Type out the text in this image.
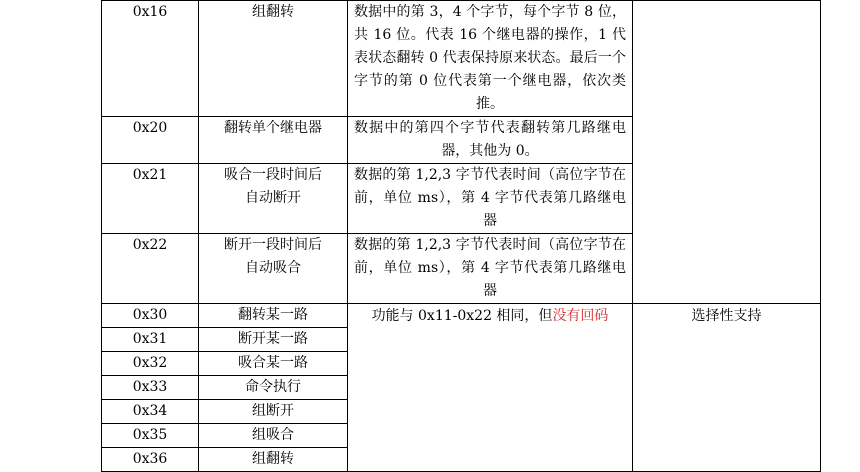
0x16	组翻转	数据中的第 3，4 个字节，每个字节 8 位，共 16 位。代表 16 个继电器的操作，1 代表状态翻转 0 代表保持原来状态。最后一个字节的第 0 位代表第一个继电器，依次类推。	
0x20	翻转单个继电器	数据中的第四个字节代表翻转第几路继电器，其他为 0。	
0x21	吸合一段时间后自动断开	数据的第 1,2,3 字节代表时间（高位字节在前，单位 ms），第 4 字节代表第几路继电器	
0x22	断开一段时间后自动吸合	数据的第 1,2,3 字节代表时间（高位字节在前，单位 ms），第 4 字节代表第几路继电器	
0x30	翻转某一路	功能与 0x11-0x22 相同，但没有回码	选择性支持
0x31	断开某一路		
0x32	吸合某一路		
0x33	命令执行		
0x34	组断开		
0x35	组吸合		
0x36	组翻转		
